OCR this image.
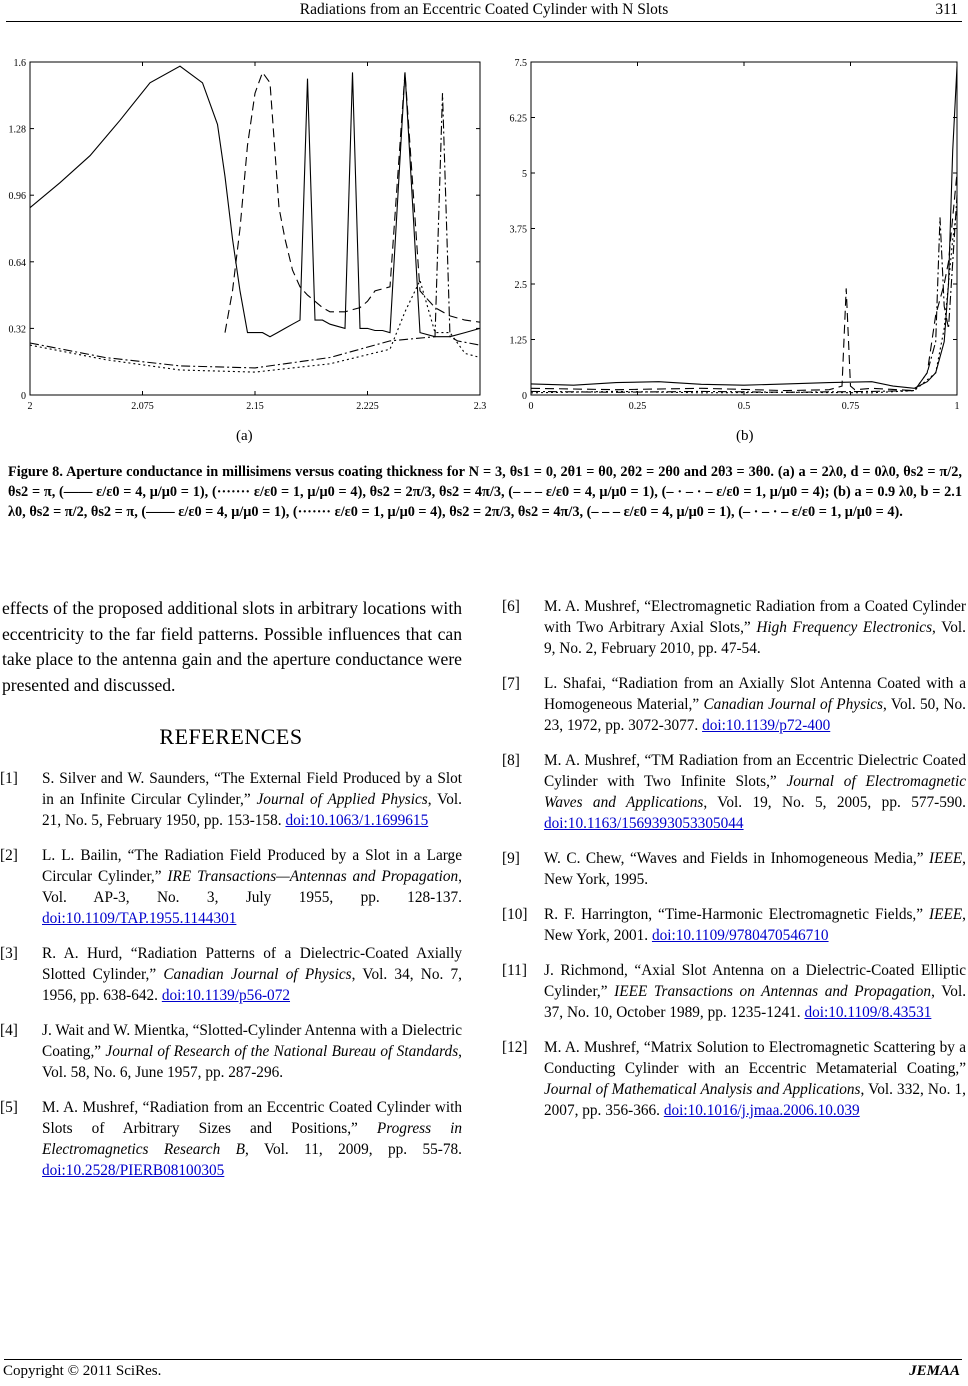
Radiations from an Eccentric Coated Cylinder with N Slots	311
2	2.075	2.15	2.225	2.3
0
0.32
0.64
0.96
1.28
1.6
(a)
0	0.25	0.5	0.75	1
0
1.25
2.5
3.75
5
6.25
7.5
(b)
Figure 8. Aperture conductance in millisimens versus coating thickness for N = 3, θs1 = 0, 2θ1 = θ0, 2θ2 = 2θ0 and 2θ3 = 3θ0. (a) a = 2λ0, d = 0λ0, θs2 = π/2, θs2 = π, (—— ε/ε0 = 4, μ/μ0 = 1), (······· ε/ε0 = 1, μ/μ0 = 4), θs2 = 2π/3, θs2 = 4π/3, (– – – ε/ε0 = 4, μ/μ0 = 1), (– · – · – ε/ε0 = 1, μ/μ0 = 4); (b) a = 0.9 λ0, b = 2.1 λ0, θs2 = π/2, θs2 = π, (—— ε/ε0 = 4, μ/μ0 = 1), (······· ε/ε0 = 1, μ/μ0 = 4), θs2 = 2π/3, θs2 = 4π/3, (– – – ε/ε0 = 4, μ/μ0 = 1), (– · – · – ε/ε0 = 1, μ/μ0 = 4).

effects of the proposed additional slots in arbitrary locations with eccentricity to the far field patterns. Possible influences that can take place to the antenna gain and the aperture conductance were presented and discussed.

REFERENCES
[1] S. Silver and W. Saunders, “The External Field Produced by a Slot in an Infinite Circular Cylinder,” Journal of Applied Physics, Vol. 21, No. 5, February 1950, pp. 153-158. doi:10.1063/1.1699615
[2] L. L. Bailin, “The Radiation Field Produced by a Slot in a Large Circular Cylinder,” IRE Transactions—Antennas and Propagation, Vol. AP-3, No. 3, July 1955, pp. 128-137. doi:10.1109/TAP.1955.1144301
[3] R. A. Hurd, “Radiation Patterns of a Dielectric-Coated Axially Slotted Cylinder,” Canadian Journal of Physics, Vol. 34, No. 7, 1956, pp. 638-642. doi:10.1139/p56-072
[4] J. Wait and W. Mientka, “Slotted-Cylinder Antenna with a Dielectric Coating,” Journal of Research of the National Bureau of Standards, Vol. 58, No. 6, June 1957, pp. 287-296.
[5] M. A. Mushref, “Radiation from an Eccentric Coated Cylinder with Slots of Arbitrary Sizes and Positions,” Progress in Electromagnetics Research B, Vol. 11, 2009, pp. 55-78. doi:10.2528/PIERB08100305
[6] M. A. Mushref, “Electromagnetic Radiation from a Coated Cylinder with Two Arbitrary Axial Slots,” High Frequency Electronics, Vol. 9, No. 2, February 2010, pp. 47-54.
[7] L. Shafai, “Radiation from an Axially Slot Antenna Coated with a Homogeneous Material,” Canadian Journal of Physics, Vol. 50, No. 23, 1972, pp. 3072-3077. doi:10.1139/p72-400
[8] M. A. Mushref, “TM Radiation from an Eccentric Dielectric Coated Cylinder with Two Infinite Slots,” Journal of Electromagnetic Waves and Applications, Vol. 19, No. 5, 2005, pp. 577-590. doi:10.1163/1569393053305044
[9] W. C. Chew, “Waves and Fields in Inhomogeneous Media,” IEEE, New York, 1995.
[10] R. F. Harrington, “Time-Harmonic Electromagnetic Fields,” IEEE, New York, 2001. doi:10.1109/9780470546710
[11] J. Richmond, “Axial Slot Antenna on a Dielectric-Coated Elliptic Cylinder,” IEEE Transactions on Antennas and Propagation, Vol. 37, No. 10, October 1989, pp. 1235-1241. doi:10.1109/8.43531
[12] M. A. Mushref, “Matrix Solution to Electromagnetic Scattering by a Conducting Cylinder with an Eccentric Metamaterial Coating,” Journal of Mathematical Analysis and Applications, Vol. 332, No. 1, 2007, pp. 356-366. doi:10.1016/j.jmaa.2006.10.039
Copyright © 2011 SciRes.	JEMAA
